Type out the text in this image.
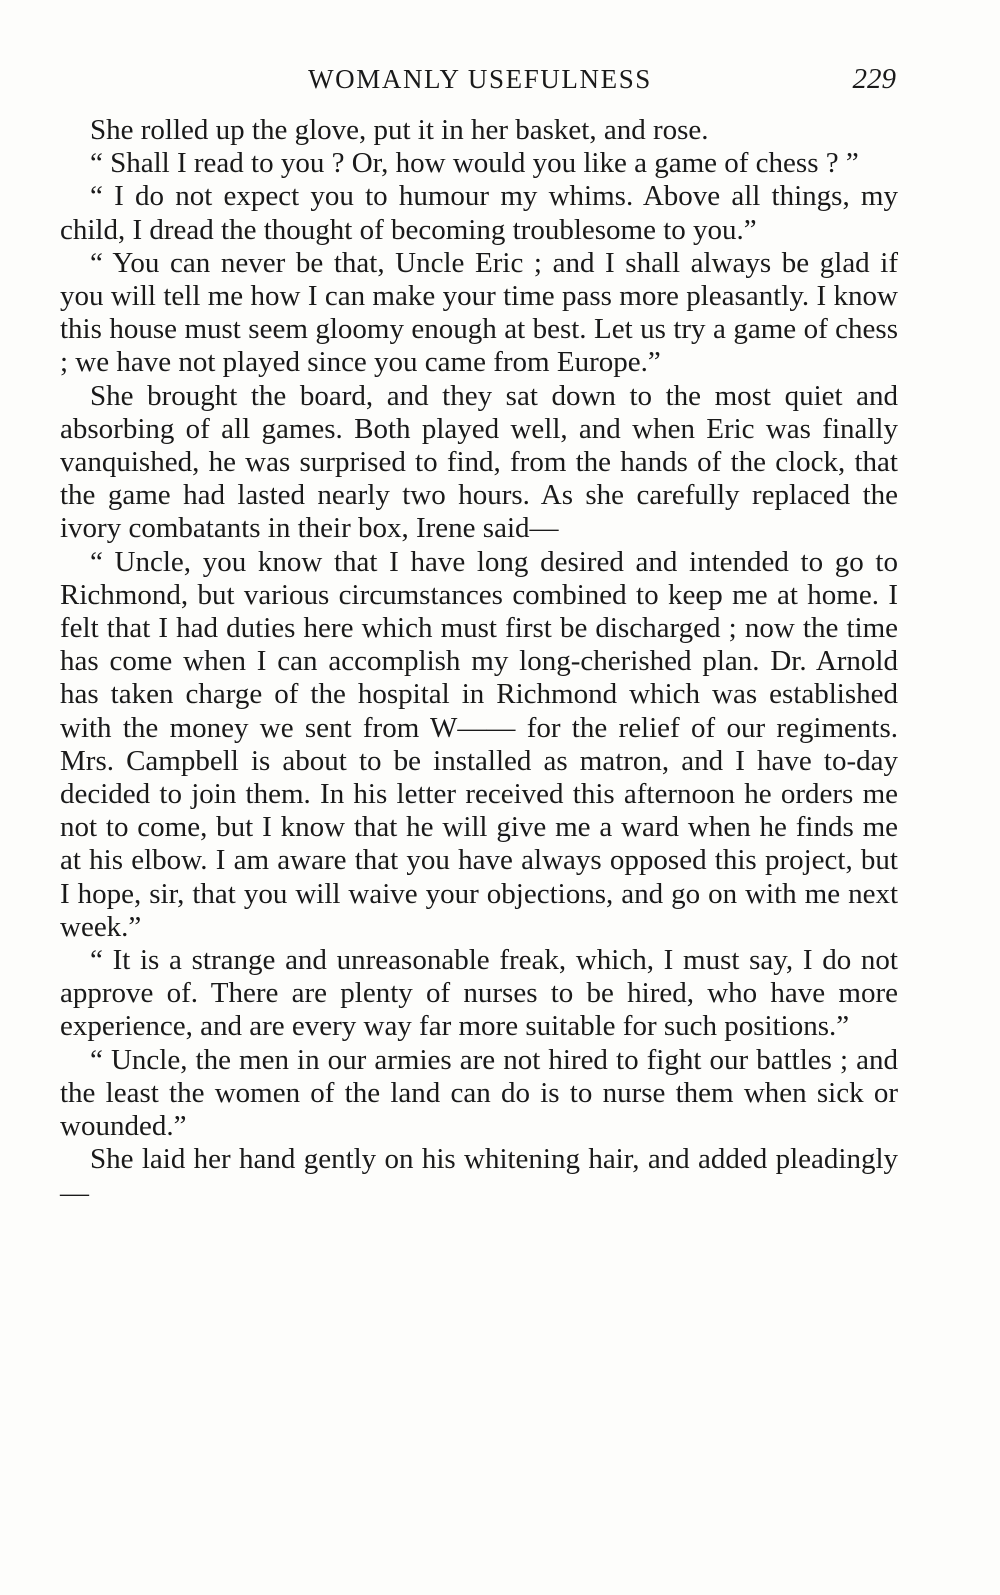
WOMANLY USEFULNESS	229

She rolled up the glove, put it in her basket, and rose.

“ Shall I read to you ? Or, how would you like a game of chess ? ”

“ I do not expect you to humour my whims. Above all things, my child, I dread the thought of becoming troublesome to you.”

“ You can never be that, Uncle Eric ; and I shall always be glad if you will tell me how I can make your time pass more pleasantly. I know this house must seem gloomy enough at best. Let us try a game of chess ; we have not played since you came from Europe.”

She brought the board, and they sat down to the most quiet and absorbing of all games. Both played well, and when Eric was finally vanquished, he was surprised to find, from the hands of the clock, that the game had lasted nearly two hours. As she carefully replaced the ivory combatants in their box, Irene said—

“ Uncle, you know that I have long desired and intended to go to Richmond, but various circumstances combined to keep me at home. I felt that I had duties here which must first be discharged ; now the time has come when I can accomplish my long-cherished plan. Dr. Arnold has taken charge of the hospital in Richmond which was established with the money we sent from W—— for the relief of our regiments. Mrs. Campbell is about to be installed as matron, and I have to-day decided to join them. In his letter received this afternoon he orders me not to come, but I know that he will give me a ward when he finds me at his elbow. I am aware that you have always opposed this project, but I hope, sir, that you will waive your objections, and go on with me next week.”

“ It is a strange and unreasonable freak, which, I must say, I do not approve of. There are plenty of nurses to be hired, who have more experience, and are every way far more suitable for such positions.”

“ Uncle, the men in our armies are not hired to fight our battles ; and the least the women of the land can do is to nurse them when sick or wounded.”

She laid her hand gently on his whitening hair, and added pleadingly—
